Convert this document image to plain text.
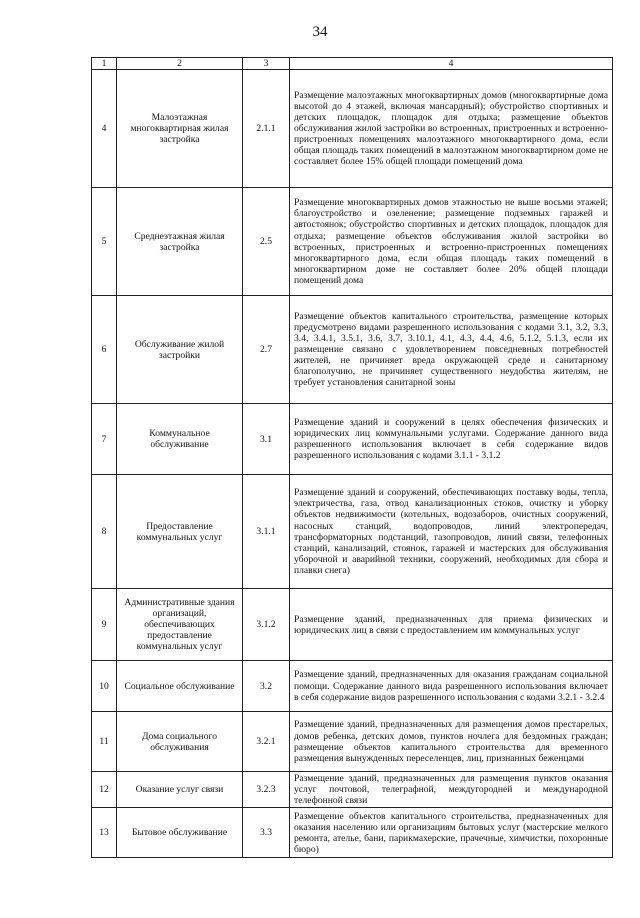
34
1	2	3	4
4	Малоэтажная многоквартирная жилая застройка	2.1.1	Размещение малоэтажных многоквартирных домов (многоквартирные дома высотой до 4 этажей, включая мансардный); обустройство спортивных и детских площадок, площадок для отдыха; размещение объектов обслуживания жилой застройки во встроенных, пристроенных и встроенно-пристроенных помещениях малоэтажного многоквартирного дома, если общая площадь таких помещений в малоэтажном многоквартирном доме не составляет более 15% общей площади помещений дома
5	Среднеэтажная жилая застройка	2.5	Размещение многоквартирных домов этажностью не выше восьми этажей; благоустройство и озеленение; размещение подземных гаражей и автостоянок; обустройство спортивных и детских площадок, площадок для отдыха; размещение объектов обслуживания жилой застройки во встроенных, пристроенных и встроенно-пристроенных помещениях многоквартирного дома, если общая площадь таких помещений в многоквартирном доме не составляет более 20% общей площади помещений дома
6	Обслуживание жилой застройки	2.7	Размещение объектов капитального строительства, размещение которых предусмотрено видами разрешенного использования с кодами 3.1, 3.2, 3.3, 3.4, 3.4.1, 3.5.1, 3.6, 3.7, 3.10.1, 4.1, 4.3, 4.4, 4.6, 5.1.2, 5.1.3, если их размещение связано с удовлетворением повседневных потребностей жителей, не причиняет вреда окружающей среде и санитарному благополучию, не причиняет существенного неудобства жителям, не требует установления санитарной зоны
7	Коммунальное обслуживание	3.1	Размещение зданий и сооружений в целях обеспечения физических и юридических лиц коммунальными услугами. Содержание данного вида разрешенного использования включает в себя содержание видов разрешенного использования с кодами 3.1.1 - 3.1.2
8	Предоставление коммунальных услуг	3.1.1	Размещение зданий и сооружений, обеспечивающих поставку воды, тепла, электричества, газа, отвод канализационных стоков, очистку и уборку объектов недвижимости (котельных, водозаборов, очистных сооружений, насосных станций, водопроводов, линий электропередач, трансформаторных подстанций, газопроводов, линий связи, телефонных станций, канализаций, стоянок, гаражей и мастерских для обслуживания уборочной и аварийной техники, сооружений, необходимых для сбора и плавки снега)
9	Административные здания организаций, обеспечивающих предоставление коммунальных услуг	3.1.2	Размещение зданий, предназначенных для приема физических и юридических лиц в связи с предоставлением им коммунальных услуг
10	Социальное обслуживание	3.2	Размещение зданий, предназначенных для оказания гражданам социальной помощи. Содержание данного вида разрешенного использования включает в себя содержание видов разрешенного использования с кодами 3.2.1 - 3.2.4
11	Дома социального обслуживания	3.2.1	Размещение зданий, предназначенных для размещения домов престарелых, домов ребенка, детских домов, пунктов ночлега для бездомных граждан; размещение объектов капитального строительства для временного размещения вынужденных переселенцев, лиц, признанных беженцами
12	Оказание услуг связи	3.2.3	Размещение зданий, предназначенных для размещения пунктов оказания услуг почтовой, телеграфной, междугородней и международной телефонной связи
13	Бытовое обслуживание	3.3	Размещение объектов капитального строительства, предназначенных для оказания населению или организациям бытовых услуг (мастерские мелкого ремонта, ателье, бани, парикмахерские, прачечные, химчистки, похоронные бюро)
